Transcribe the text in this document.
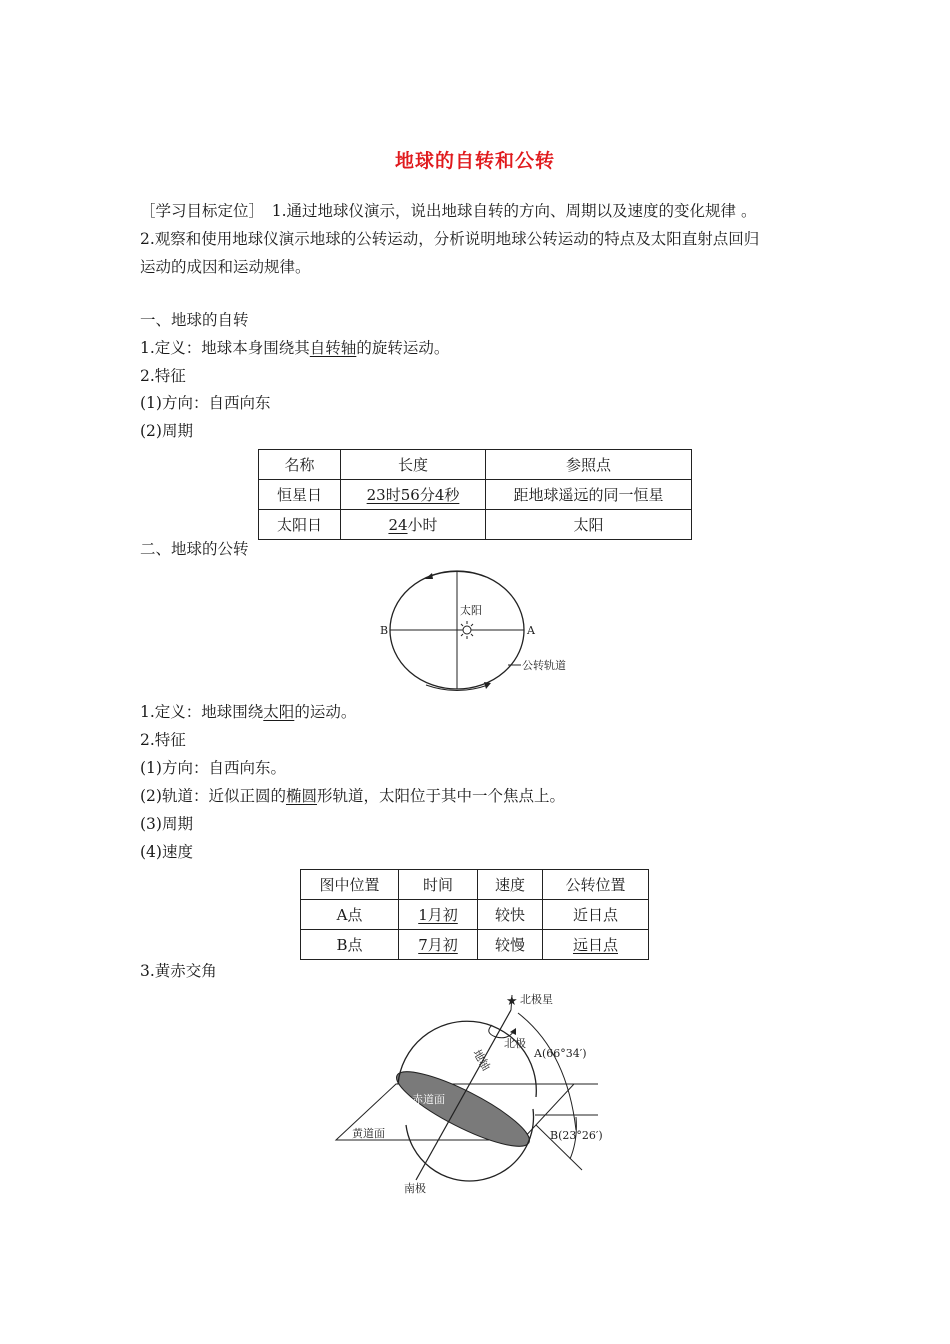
地球的自转和公转
［学习目标定位］　1.通过地球仪演示，说出地球自转的方向、周期以及速度的变化规律 。
2.观察和使用地球仪演示地球的公转运动，分析说明地球公转运动的特点及太阳直射点回归
运动的成因和运动规律。
一、地球的自转
1.定义：地球本身围绕其自转轴的旋转运动。
2.特征
(1)方向：自西向东
(2)周期
名称	长度	参照点
恒星日	23时56分4秒	距地球遥远的同一恒星
太阳日	24小时	太阳
二、地球的公转
太阳
B	A
公转轨道
1.定义：地球围绕太阳的运动。
2.特征
(1)方向：自西向东。
(2)轨道：近似正圆的椭圆形轨道，太阳位于其中一个焦点上。
(3)周期
(4)速度
图中位置	时间	速度	公转位置
A点	1月初	较快	近日点
B点	7月初	较慢	远日点
3.黄赤交角
★ 北极星
北极
地轴	A(66°34′)
B(23°26′)
赤道面
黄道面
南极
